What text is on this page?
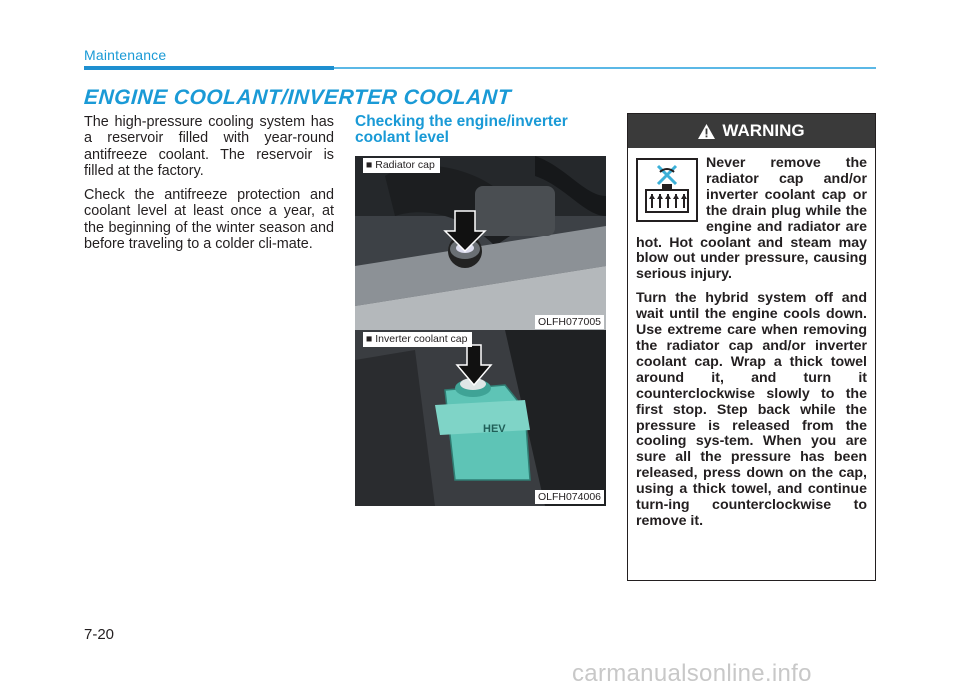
Maintenance
ENGINE COOLANT/INVERTER COOLANT

The high-pressure cooling system has a reservoir filled with year-round antifreeze coolant. The reservoir is filled at the factory.

Check the antifreeze protection and coolant level at least once a year, at the beginning of the winter season and before traveling to a colder cli-mate.

Checking the engine/inverter coolant level
■ Radiator cap
OLFH077005
HEV
■ Inverter coolant cap
OLFH074006
WARNING

Never remove the radiator cap and/or inverter coolant cap or the drain plug while the engine and radiator are hot. Hot coolant and steam may blow out under pressure, causing serious injury.

Turn the hybrid system off and wait until the engine cools down. Use extreme care when removing the radiator cap and/or inverter coolant cap. Wrap a thick towel around it, and turn it counterclockwise slowly to the first stop. Step back while the pressure is released from the cooling sys-tem. When you are sure all the pressure has been released, press down on the cap, using a thick towel, and continue turn-ing counterclockwise to remove it.

7-20
carmanualsonline.info
